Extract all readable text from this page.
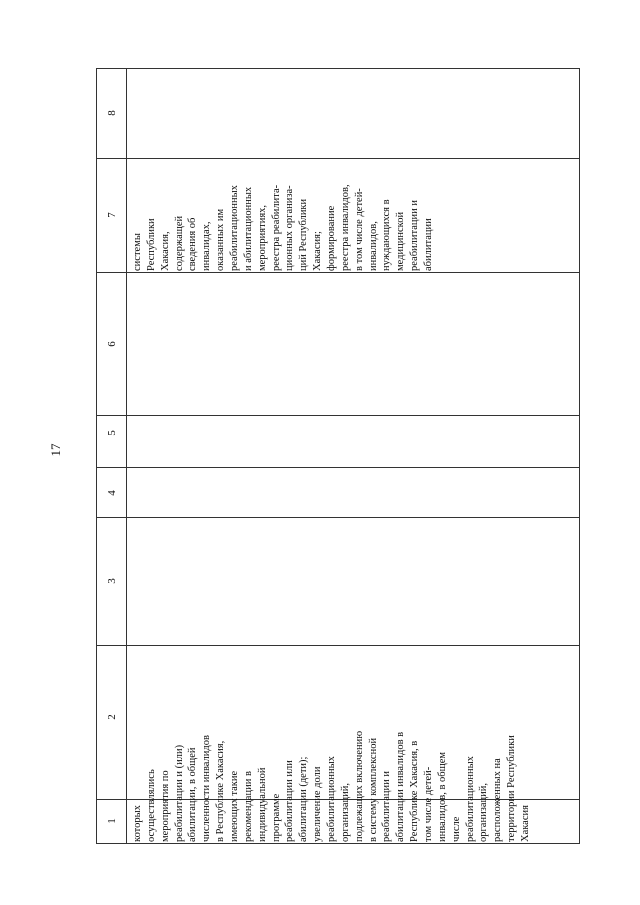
17
1
2
3
4
5
6
7
8
которых осуществлялись мероприятия по реабилитации и (или) абилитации, в общей численности инвалидов в Республике Хакасия, имеющих такие рекомендации в индивидуальной программе реабилитации или абилитации (дети); увеличение доли реабилитационных организаций, подлежащих включению в систему комплексной реабилитации и абилитации инвалидов в Республике Хакасия, в том числе детей- инвалидов, в общем числе реабилитационных организаций, расположенных на территории Республики Хакасия
системы Республики Хакасия, содержащей сведения об инвалидах, оказанных им реабилитационных и абилитационных мероприятиях, реестра реабилита- ционных организа- ций Республики Хакасия; формирование реестра инвалидов, в том числе детей- инвалидов, нуждающихся в медицинской реабилитации и абилитации
